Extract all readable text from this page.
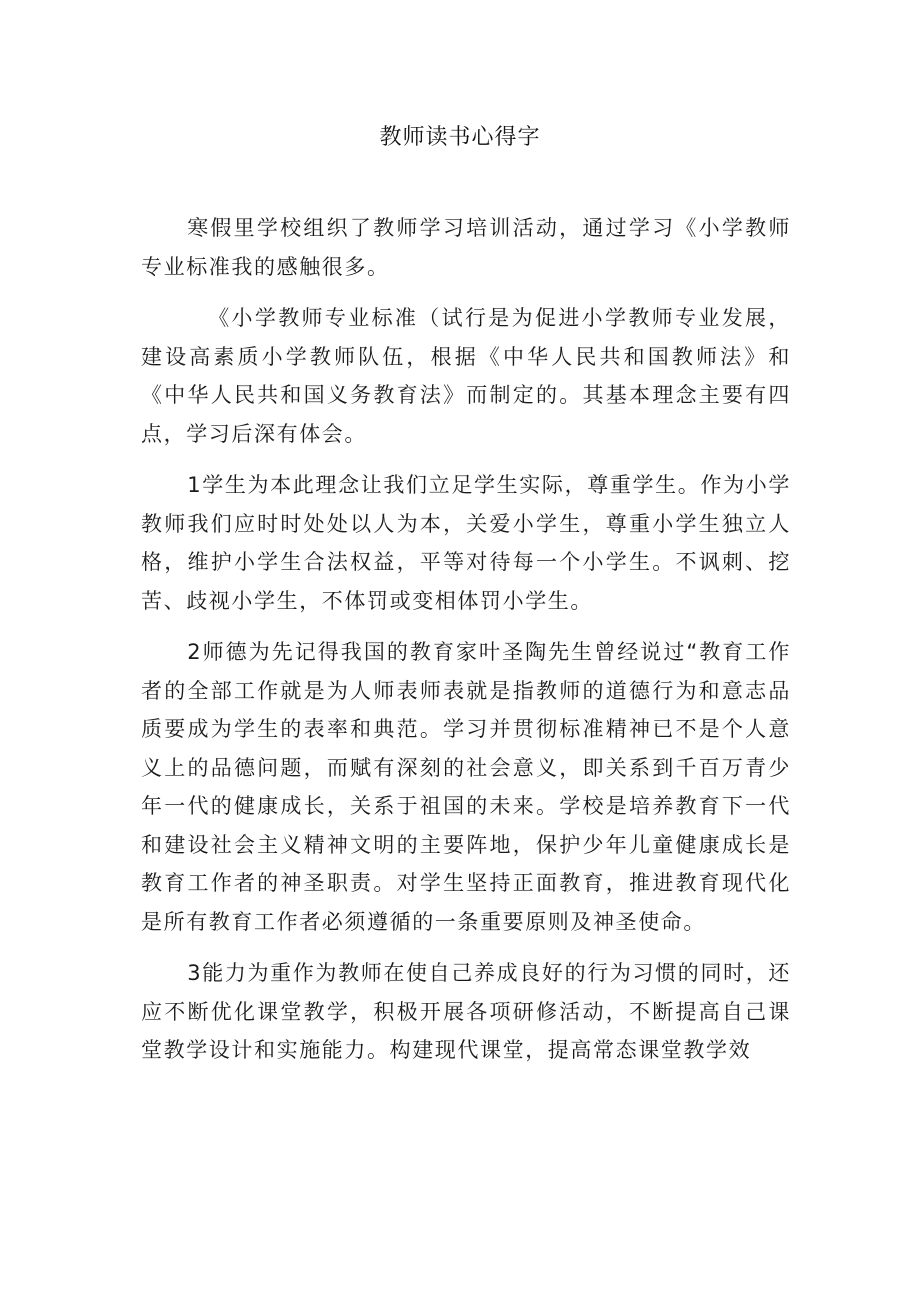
教师读书心得字

寒假里学校组织了教师学习培训活动，通过学习《小学教师专业标准我的感触很多。

《小学教师专业标准（试行是为促进小学教师专业发展，建设高素质小学教师队伍，根据《中华人民共和国教师法》和《中华人民共和国义务教育法》而制定的。其基本理念主要有四点，学习后深有体会。

1学生为本此理念让我们立足学生实际，尊重学生。作为小学教师我们应时时处处以人为本，关爱小学生，尊重小学生独立人格，维护小学生合法权益，平等对待每一个小学生。不讽刺、挖苦、歧视小学生，不体罚或变相体罚小学生。

2师德为先记得我国的教育家叶圣陶先生曾经说过“教育工作者的全部工作就是为人师表师表就是指教师的道德行为和意志品质要成为学生的表率和典范。学习并贯彻标准精神已不是个人意义上的品德问题，而赋有深刻的社会意义，即关系到千百万青少年一代的健康成长，关系于祖国的未来。学校是培养教育下一代和建设社会主义精神文明的主要阵地，保护少年儿童健康成长是教育工作者的神圣职责。对学生坚持正面教育，推进教育现代化是所有教育工作者必须遵循的一条重要原则及神圣使命。

3能力为重作为教师在使自己养成良好的行为习惯的同时，还应不断优化课堂教学，积极开展各项研修活动，不断提高自己课堂教学设计和实施能力。构建现代课堂，提高常态课堂教学效
